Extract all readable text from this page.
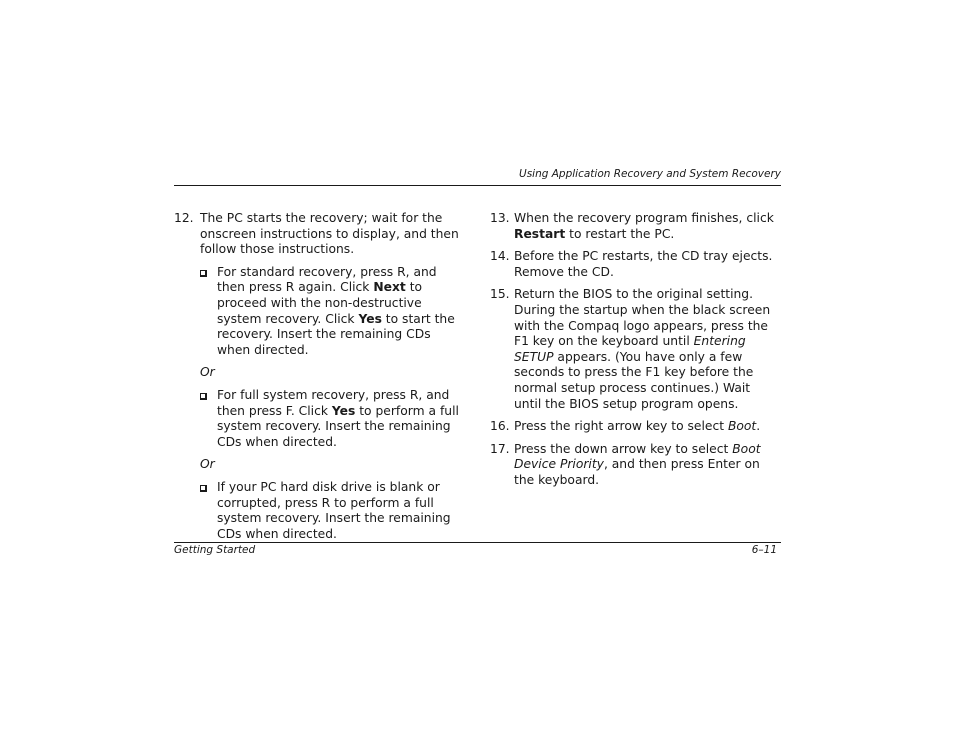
Using Application Recovery and System Recovery
12. The PC starts the recovery; wait for the onscreen instructions to display, and then follow those instructions.
For standard recovery, press R, and then press R again. Click Next to proceed with the non-destructive system recovery. Click Yes to start the recovery. Insert the remaining CDs when directed.
Or
For full system recovery, press R, and then press F. Click Yes to perform a full system recovery. Insert the remaining CDs when directed.
Or
If your PC hard disk drive is blank or corrupted, press R to perform a full system recovery. Insert the remaining CDs when directed.
13. When the recovery program finishes, click Restart to restart the PC.
14. Before the PC restarts, the CD tray ejects. Remove the CD.
15. Return the BIOS to the original setting. During the startup when the black screen with the Compaq logo appears, press the F1 key on the keyboard until Entering SETUP appears. (You have only a few seconds to press the F1 key before the normal setup process continues.) Wait until the BIOS setup program opens.
16. Press the right arrow key to select Boot.
17. Press the down arrow key to select Boot Device Priority, and then press Enter on the keyboard.
Getting Started	6–11
